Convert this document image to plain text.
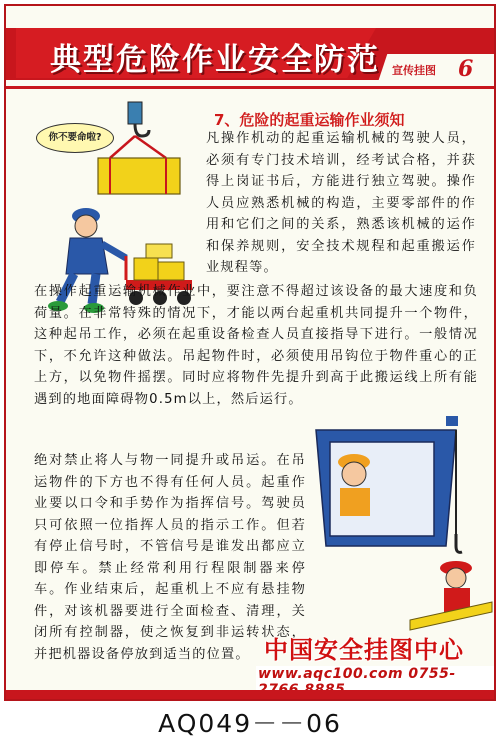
典型危险作业安全防范 宣传挂图 6
你不要命啦?
7、危险的起重运输作业须知
凡操作机动的起重运输机械的驾驶人员，必须有专门技术培训，经考试合格，并获得上岗证书后，方能进行独立驾驶。操作人员应熟悉机械的构造，主要零部件的作用和它们之间的关系，熟悉该机械的运作和保养规则，安全技术规程和起重搬运作业规程等。
在操作起重运输机械作业中，要注意不得超过该设备的最大速度和负荷量。在非常特殊的情况下，才能以两台起重机共同提升一个物件，这种起吊工作，必须在起重设备检查人员直接指导下进行。一般情况下，不允许这种做法。吊起物件时，必须使用吊钩位于物件重心的正上方，以免物件摇摆。同时应将物件先提升到高于此搬运线上所有能遇到的地面障碍物0.5m以上，然后运行。
绝对禁止将人与物一同提升或吊运。在吊运物件的下方也不得有任何人员。起重作业要以口令和手势作为指挥信号。驾驶员只可依照一位指挥人员的指示工作。但若有停止信号时，不管信号是谁发出都应立即停车。禁止经常利用行程限制器来停车。作业结束后，起重机上不应有悬挂物件，对该机器要进行全面检查、清理，关闭所有控制器，使之恢复到非运转状态，并把机器设备停放到适当的位置。 中国安全挂图中心
www.aqc100.com 0755-
AQ049－－06
